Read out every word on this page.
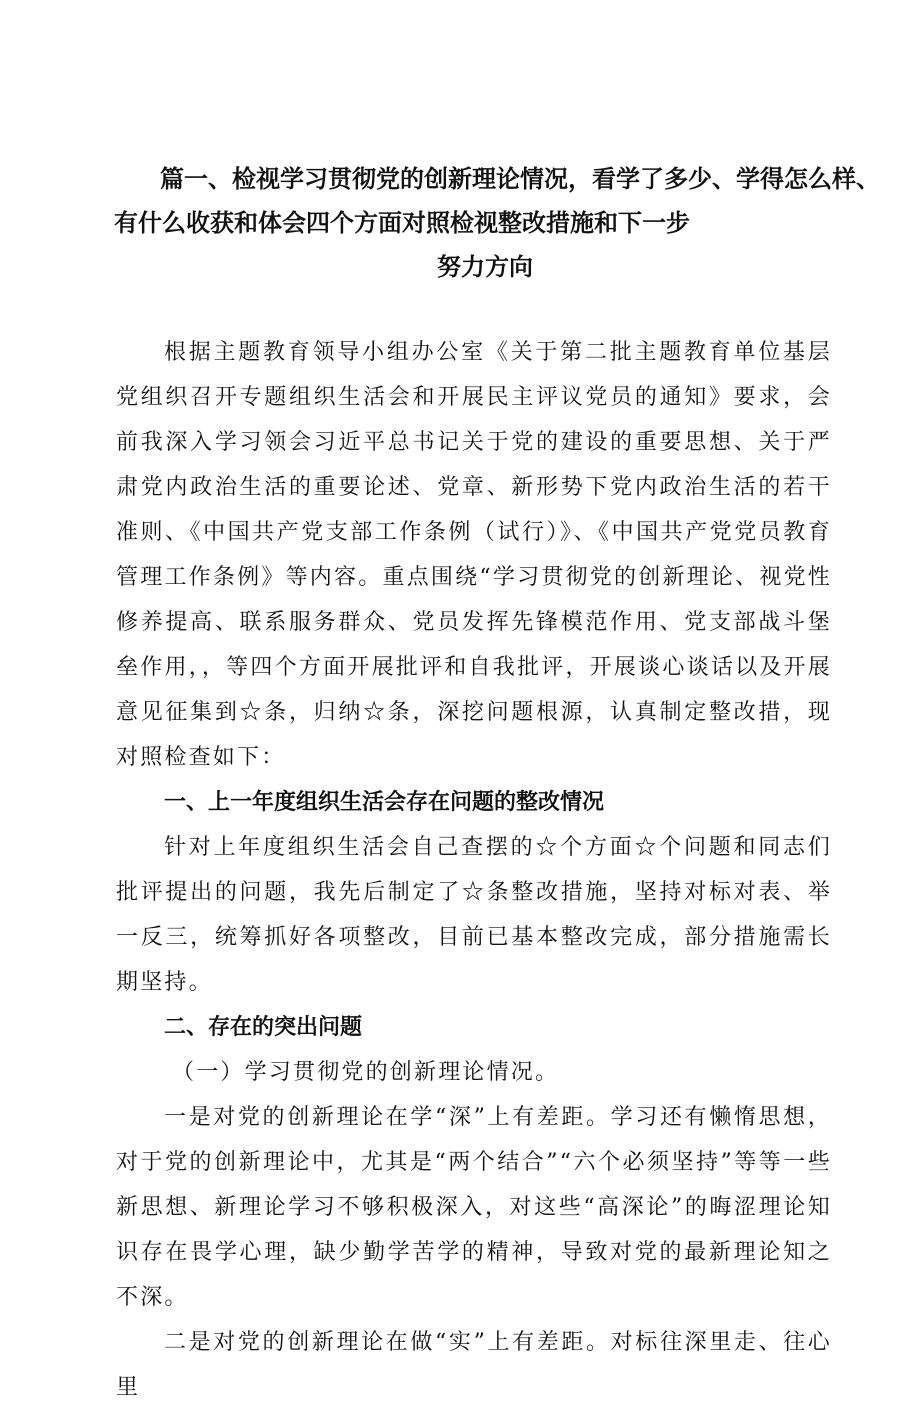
篇一、检视学习贯彻党的创新理论情况，看学了多少、学得怎么样、
有什么收获和体会四个方面对照检视整改措施和下一步
努力方向

根据主题教育领导小组办公室《关于第二批主题教育单位基层党组织召开专题组织生活会和开展民主评议党员的通知》要求，会前我深入学习领会习近平总书记关于党的建设的重要思想、关于严肃党内政治生活的重要论述、党章、新形势下党内政治生活的若干准则、《中国共产党支部工作条例（试行）》、《中国共产党党员教育管理工作条例》等内容。重点围绕“学习贯彻党的创新理论、视党性修养提高、联系服务群众、党员发挥先锋模范作用、党支部战斗堡垒作用，，等四个方面开展批评和自我批评，开展谈心谈话以及开展意见征集到☆条，归纳☆条，深挖问题根源，认真制定整改措，现对照检查如下：

一、上一年度组织生活会存在问题的整改情况

针对上年度组织生活会自己查摆的☆个方面☆个问题和同志们批评提出的问题，我先后制定了☆条整改措施，坚持对标对表、举一反三，统筹抓好各项整改，目前已基本整改完成，部分措施需长期坚持。

二、存在的突出问题

（一）学习贯彻党的创新理论情况。

一是对党的创新理论在学“深”上有差距。学习还有懒惰思想，对于党的创新理论中，尤其是“两个结合”“六个必须坚持”等等一些新思想、新理论学习不够积极深入，对这些“高深论”的晦涩理论知识存在畏学心理，缺少勤学苦学的精神，导致对党的最新理论知之不深。

二是对党的创新理论在做“实”上有差距。对标往深里走、往心里
